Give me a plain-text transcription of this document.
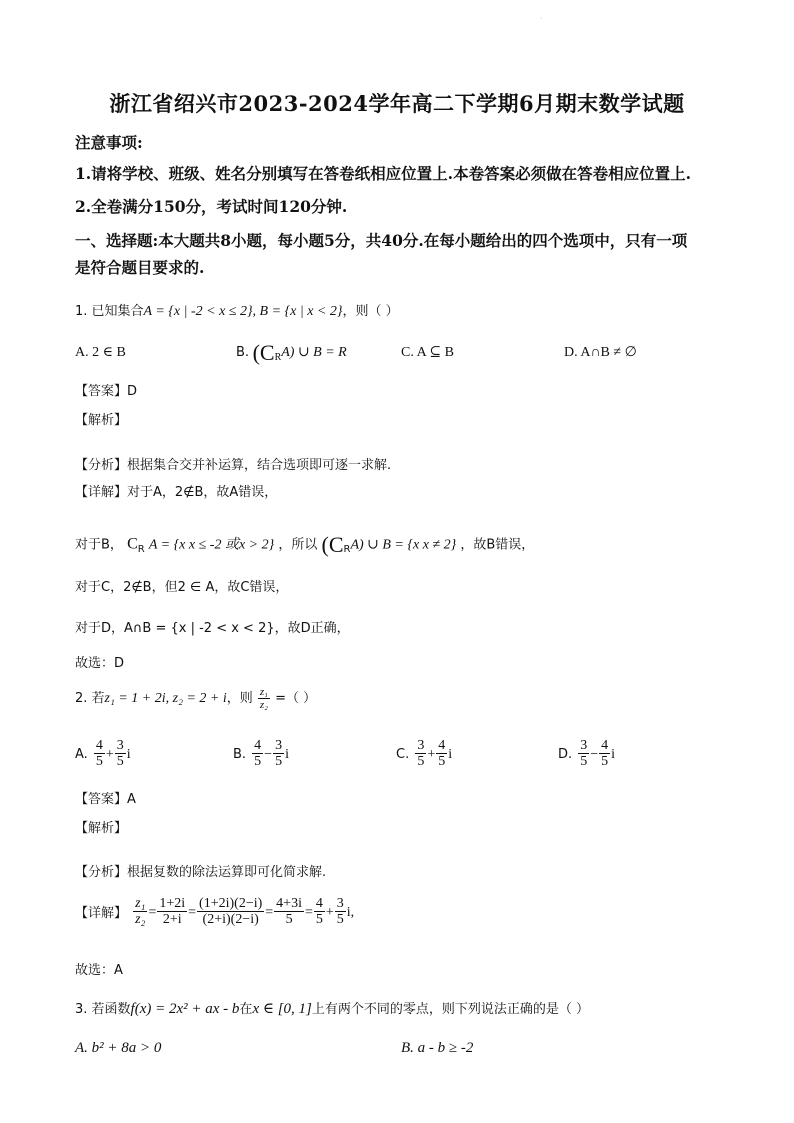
·
浙江省绍兴市2023-2024学年高二下学期6月期末数学试题
注意事项:
1.请将学校、班级、姓名分别填写在答卷纸相应位置上.本卷答案必须做在答卷相应位置上.
2.全卷满分150分，考试时间120分钟.
一、选择题:本大题共8小题，每小题5分，共40分.在每小题给出的四个选项中，只有一项
是符合题目要求的.
1. 已知集合A = {x | -2 < x ≤ 2}, B = {x | x < 2}，则（ ）
A. 2 ∈ B	B. $(C_RA)$ ∪ B = R	C. A ⊆ B	D. A∩B ≠ ∅
【答案】D
【解析】
【分析】根据集合交并补运算，结合选项即可逐一求解.
【详解】对于A，2∉B，故A错误，
对于B， $C_R$ A = {x x ≤ -2 或x > 2} ，所以 $(C_RA)$ ∪ B = {x x ≠ 2} ，故B错误，
对于C，2∉B，但2 ∈ A，故C错误，
对于D，A∩B = {x | -2 < x < 2}，故D正确，
故选：D
2. 若z₁ = 1 + 2i, z₂ = 2 + i，则 $\frac{\text{z₁}}{\text{z₂}}$ =（ ）
A. $\frac{4}{5} + \frac{3}{5}$ i	B. $\frac{4}{5} - \frac{3}{5}$ i	C. $\frac{3}{5} + \frac{4}{5}$ i	D. $\frac{3}{5} - \frac{4}{5}$ i
【答案】A
【解析】
【分析】根据复数的除法运算即可化简求解.
【详解】 $\frac{\text{z₁}}{\text{z₂}} = \frac{1+2i}{2+i} = \frac{(1+2i)(2-i)}{(2+i)(2-i)} = \frac{4+3i}{5} = \frac{4}{5} + \frac{3}{5} i$,
故选：A
3. 若函数f(x) = 2x² + ax - b在x ∈ [0, 1]上有两个不同的零点，则下列说法正确的是（ ）
A. b² + 8a > 0	B. a - b ≥ -2
